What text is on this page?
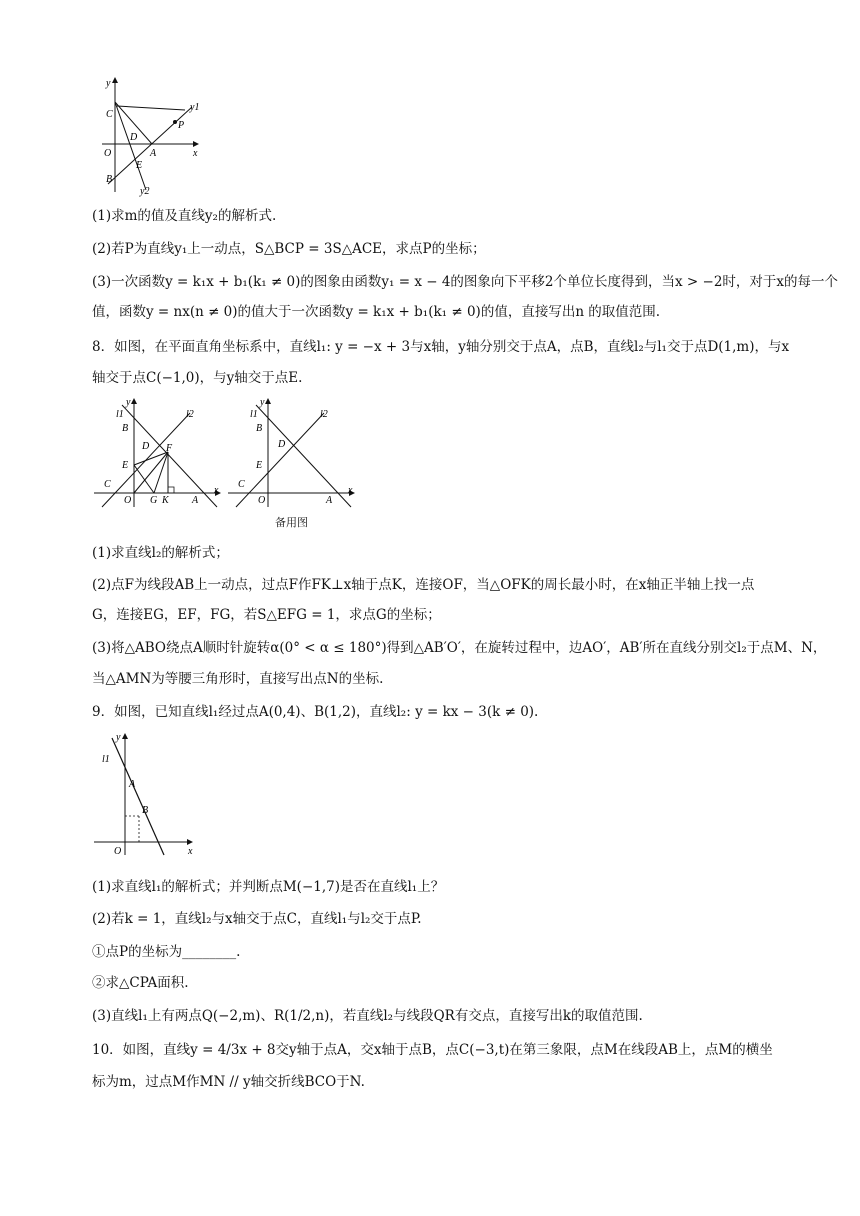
y
y1
P
C
D
O	A	x
E
B
y2
(1)求m的值及直线y₂的解析式.
(2)若P为直线y₁上一动点，S△BCP = 3S△ACE，求点P的坐标；
(3)一次函数y = k₁x + b₁(k₁ ≠ 0)的图象由函数y₁ = x − 4的图象向下平移2个单位长度得到，当x > −2时，对于x的每一个
值，函数y = nx(n ≠ 0)的值大于一次函数y = k₁x + b₁(k₁ ≠ 0)的值，直接写出n 的取值范围.
8．如图，在平面直角坐标系中，直线l₁: y = −x + 3与x轴，y轴分别交于点A，点B，直线l₂与l₁交于点D(1,m)，与x
轴交于点C(−1,0)，与y轴交于点E.
y
l1	l2
B
D F
E
C
O G K A
x
y
l1	l2
B
D
E
C
O	A
x
备用图
(1)求直线l₂的解析式；
(2)点F为线段AB上一动点，过点F作FK⊥x轴于点K，连接OF，当△OFK的周长最小时，在x轴正半轴上找一点
G，连接EG，EF，FG，若S△EFG = 1，求点G的坐标；
(3)将△ABO绕点A顺时针旋转α(0° < α ≤ 180°)得到△AB′O′，在旋转过程中，边AO′，AB′所在直线分别交l₂于点M、N，
当△AMN为等腰三角形时，直接写出点N的坐标.
9．如图，已知直线l₁经过点A(0,4)、B(1,2)，直线l₂: y = kx − 3(k ≠ 0).
y
l1
A
B
O	x
(1)求直线l₁的解析式；并判断点M(−1,7)是否在直线l₁上？
(2)若k = 1，直线l₂与x轴交于点C，直线l₁与l₂交于点P.
①点P的坐标为________.
②求△CPA面积.
(3)直线l₁上有两点Q(−2,m)、R(1/2,n)，若直线l₂与线段QR有交点，直接写出k的取值范围.
10．如图，直线y = 4/3x + 8交y轴于点A，交x轴于点B，点C(−3,t)在第三象限，点M在线段AB上，点M的横坐
标为m，过点M作MN // y轴交折线BCO于N.
